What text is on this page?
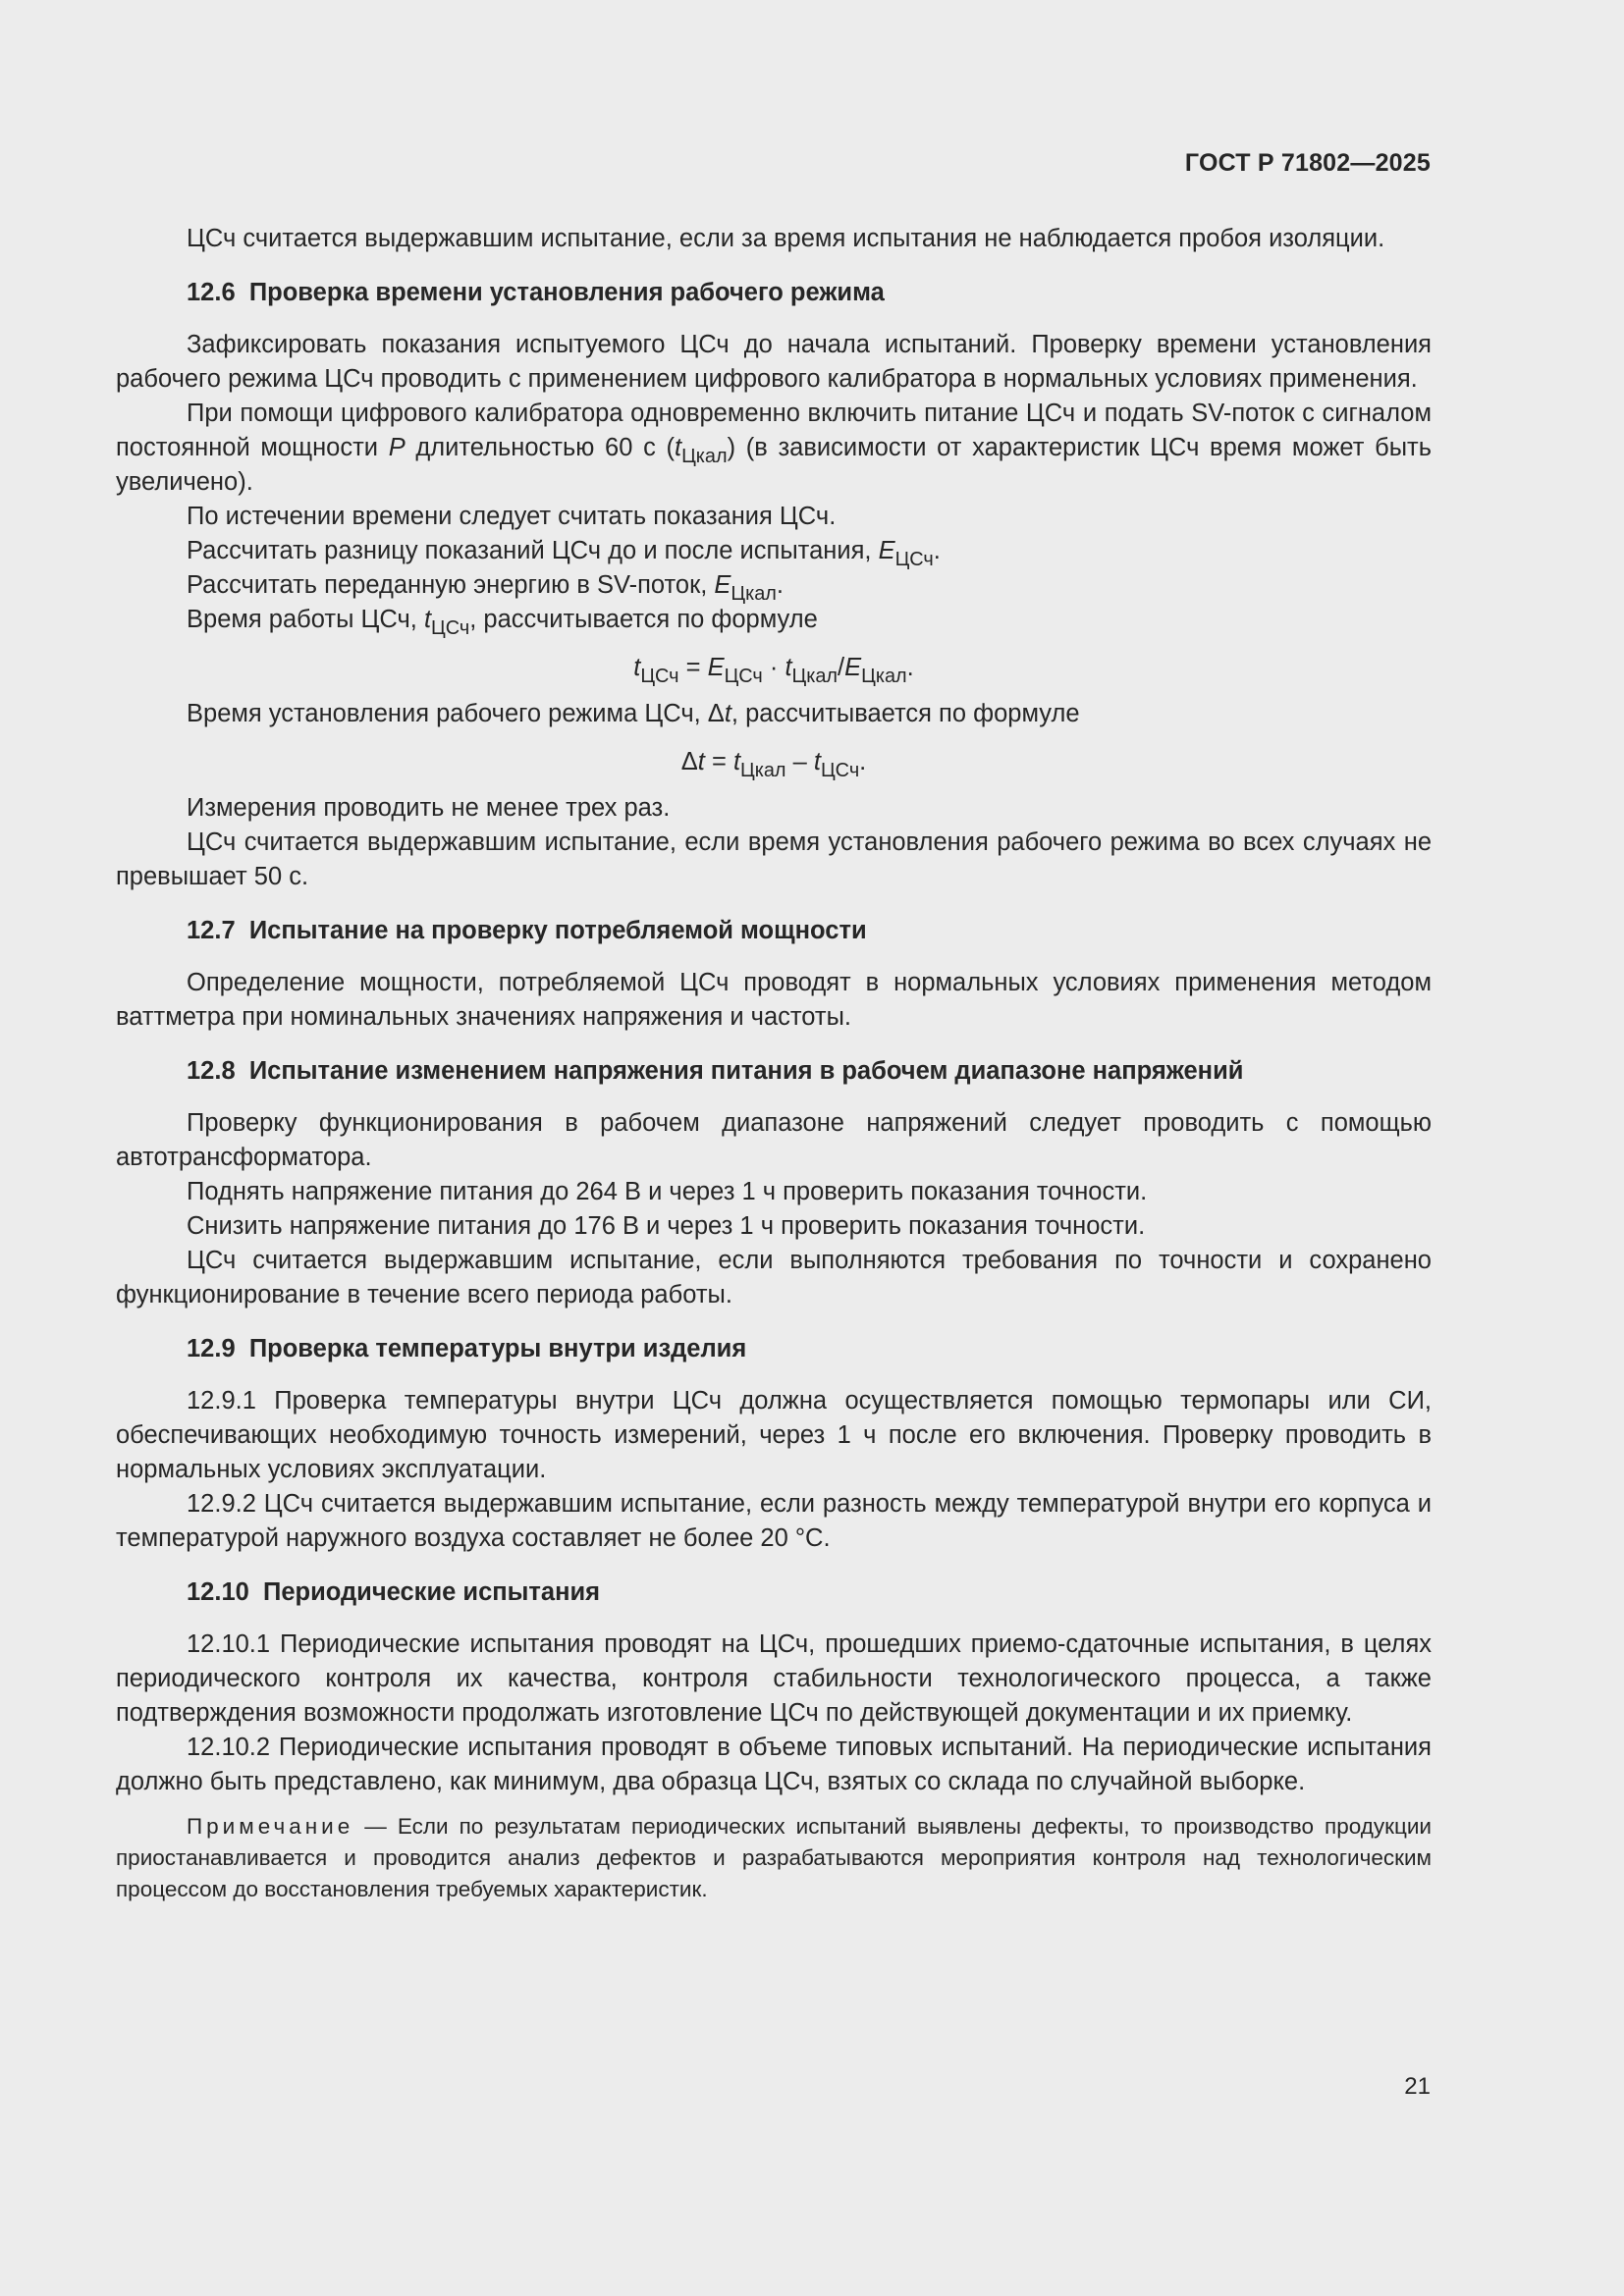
ГОСТ Р 71802—2025
ЦСч считается выдержавшим испытание, если за время испытания не наблюдается пробоя изоляции.
12.6 Проверка времени установления рабочего режима
Зафиксировать показания испытуемого ЦСч до начала испытаний. Проверку времени установления рабочего режима ЦСч проводить с применением цифрового калибратора в нормальных условиях применения.
При помощи цифрового калибратора одновременно включить питание ЦСч и подать SV-поток с сигналом постоянной мощности P длительностью 60 с $(t_{Цкал})$ (в зависимости от характеристик ЦСч время может быть увеличено).
По истечении времени следует считать показания ЦСч.
Рассчитать разницу показаний ЦСч до и после испытания, $E_{ЦСч}$.
Рассчитать переданную энергию в SV-поток, $E_{Цкал}$.
Время работы ЦСч, $t_{ЦСч}$, рассчитывается по формуле
$t_{ЦСч} = E_{ЦСч} \cdot t_{Цкал}/E_{Цкал}$.
Время установления рабочего режима ЦСч, Δt, рассчитывается по формуле
$\Delta t = t_{Цкал} - t_{ЦСч}$.
Измерения проводить не менее трех раз.
ЦСч считается выдержавшим испытание, если время установления рабочего режима во всех случаях не превышает 50 с.
12.7 Испытание на проверку потребляемой мощности
Определение мощности, потребляемой ЦСч проводят в нормальных условиях применения методом ваттметра при номинальных значениях напряжения и частоты.
12.8 Испытание изменением напряжения питания в рабочем диапазоне напряжений
Проверку функционирования в рабочем диапазоне напряжений следует проводить с помощью автотрансформатора.
Поднять напряжение питания до 264 В и через 1 ч проверить показания точности.
Снизить напряжение питания до 176 В и через 1 ч проверить показания точности.
ЦСч считается выдержавшим испытание, если выполняются требования по точности и сохранено функционирование в течение всего периода работы.
12.9 Проверка температуры внутри изделия
12.9.1 Проверка температуры внутри ЦСч должна осуществляется помощью термопары или СИ, обеспечивающих необходимую точность измерений, через 1 ч после его включения. Проверку проводить в нормальных условиях эксплуатации.
12.9.2 ЦСч считается выдержавшим испытание, если разность между температурой внутри его корпуса и температурой наружного воздуха составляет не более 20 °С.
12.10 Периодические испытания
12.10.1 Периодические испытания проводят на ЦСч, прошедших приемо-сдаточные испытания, в целях периодического контроля их качества, контроля стабильности технологического процесса, а также подтверждения возможности продолжать изготовление ЦСч по действующей документации и их приемку.
12.10.2 Периодические испытания проводят в объеме типовых испытаний. На периодические испытания должно быть представлено, как минимум, два образца ЦСч, взятых со склада по случайной выборке.
Примечание — Если по результатам периодических испытаний выявлены дефекты, то производство продукции приостанавливается и проводится анализ дефектов и разрабатываются мероприятия контроля над технологическим процессом до восстановления требуемых характеристик.
21
